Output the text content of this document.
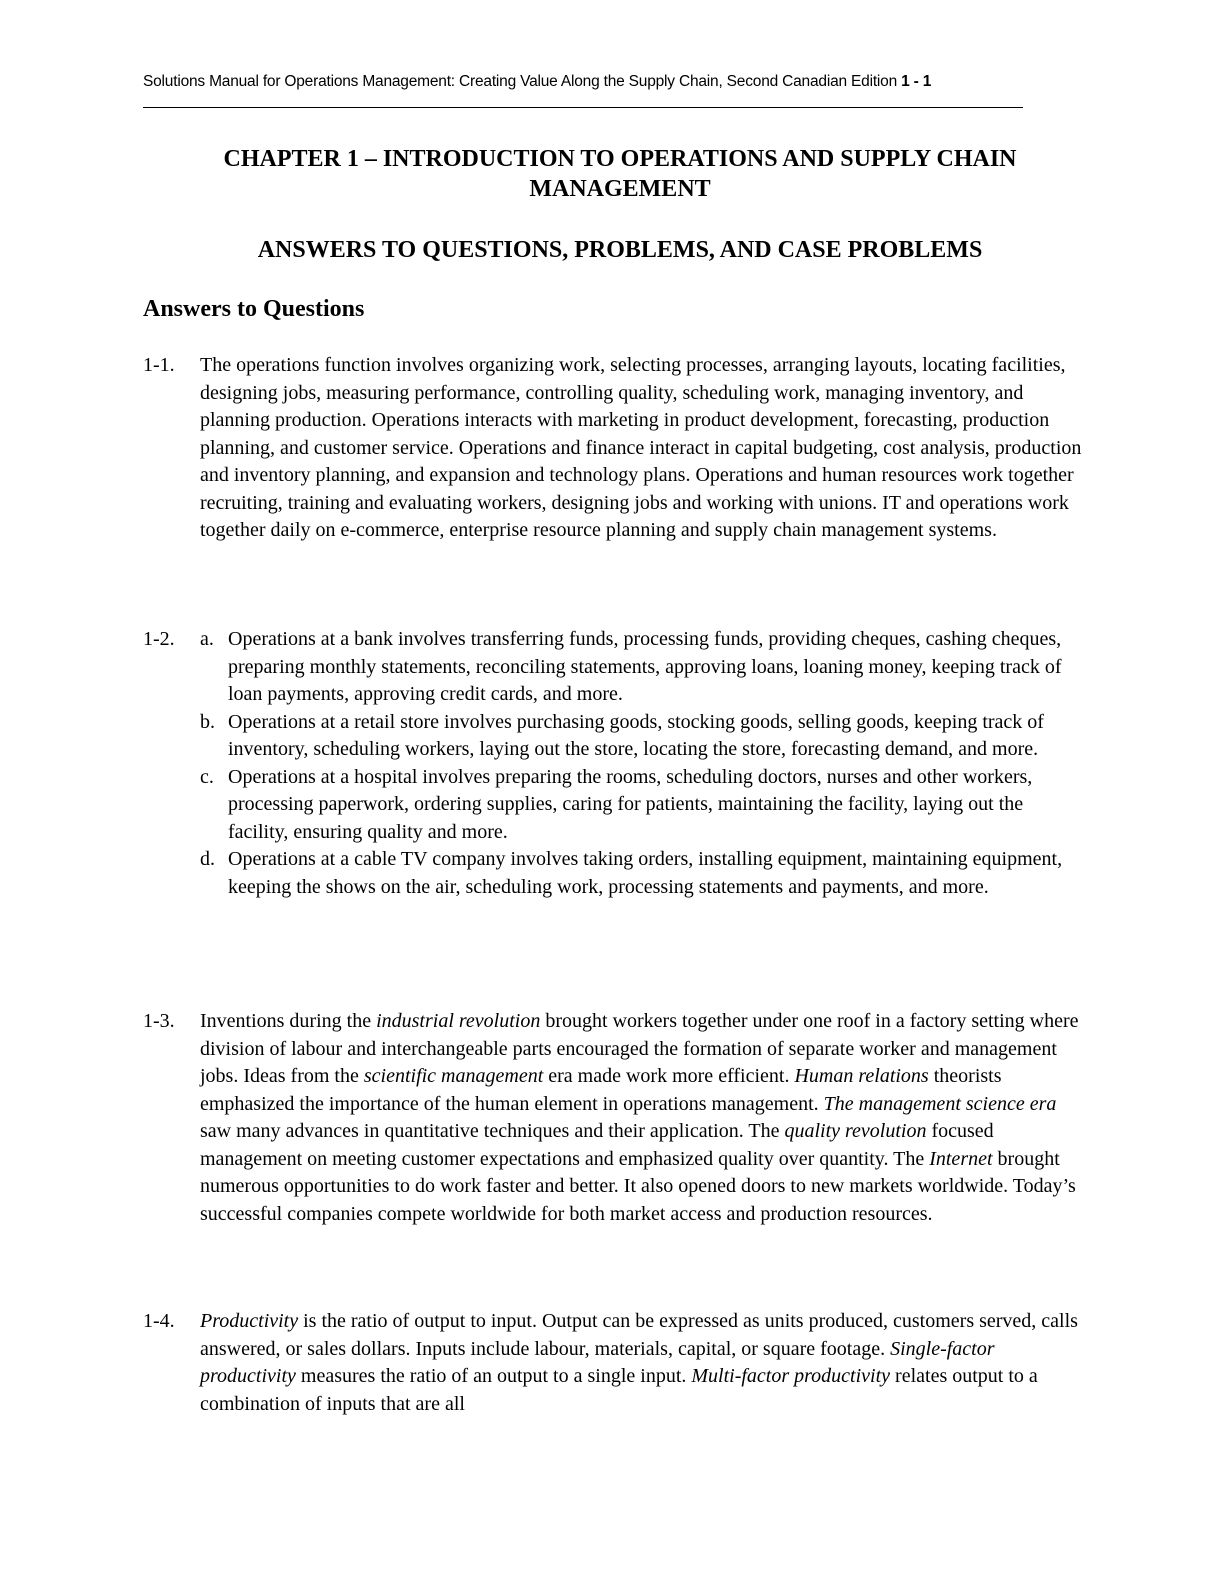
Solutions Manual for Operations Management: Creating Value Along the Supply Chain, Second Canadian Edition 1 - 1
CHAPTER 1 – INTRODUCTION TO OPERATIONS AND SUPPLY CHAIN
MANAGEMENT
ANSWERS TO QUESTIONS, PROBLEMS, AND CASE PROBLEMS
Answers to Questions
1-1. The operations function involves organizing work, selecting processes, arranging layouts, locating facilities, designing jobs, measuring performance, controlling quality, scheduling work, managing inventory, and planning production. Operations interacts with marketing in product development, forecasting, production planning, and customer service. Operations and finance interact in capital budgeting, cost analysis, production and inventory planning, and expansion and technology plans. Operations and human resources work together recruiting, training and evaluating workers, designing jobs and working with unions. IT and operations work together daily on e-commerce, enterprise resource planning and supply chain management systems.
1-2. a. Operations at a bank involves transferring funds, processing funds, providing cheques, cashing cheques, preparing monthly statements, reconciling statements, approving loans, loaning money, keeping track of loan payments, approving credit cards, and more.
b. Operations at a retail store involves purchasing goods, stocking goods, selling goods, keeping track of inventory, scheduling workers, laying out the store, locating the store, forecasting demand, and more.
c. Operations at a hospital involves preparing the rooms, scheduling doctors, nurses and other workers, processing paperwork, ordering supplies, caring for patients, maintaining the facility, laying out the facility, ensuring quality and more.
d. Operations at a cable TV company involves taking orders, installing equipment, maintaining equipment, keeping the shows on the air, scheduling work, processing statements and payments, and more.
1-3. Inventions during the industrial revolution brought workers together under one roof in a factory setting where division of labour and interchangeable parts encouraged the formation of separate worker and management jobs. Ideas from the scientific management era made work more efficient. Human relations theorists emphasized the importance of the human element in operations management. The management science era saw many advances in quantitative techniques and their application. The quality revolution focused management on meeting customer expectations and emphasized quality over quantity. The Internet brought numerous opportunities to do work faster and better. It also opened doors to new markets worldwide. Today’s successful companies compete worldwide for both market access and production resources.
1-4. Productivity is the ratio of output to input. Output can be expressed as units produced, customers served, calls answered, or sales dollars. Inputs include labour, materials, capital, or square footage. Single-factor productivity measures the ratio of an output to a single input. Multi-factor productivity relates output to a combination of inputs that are all
